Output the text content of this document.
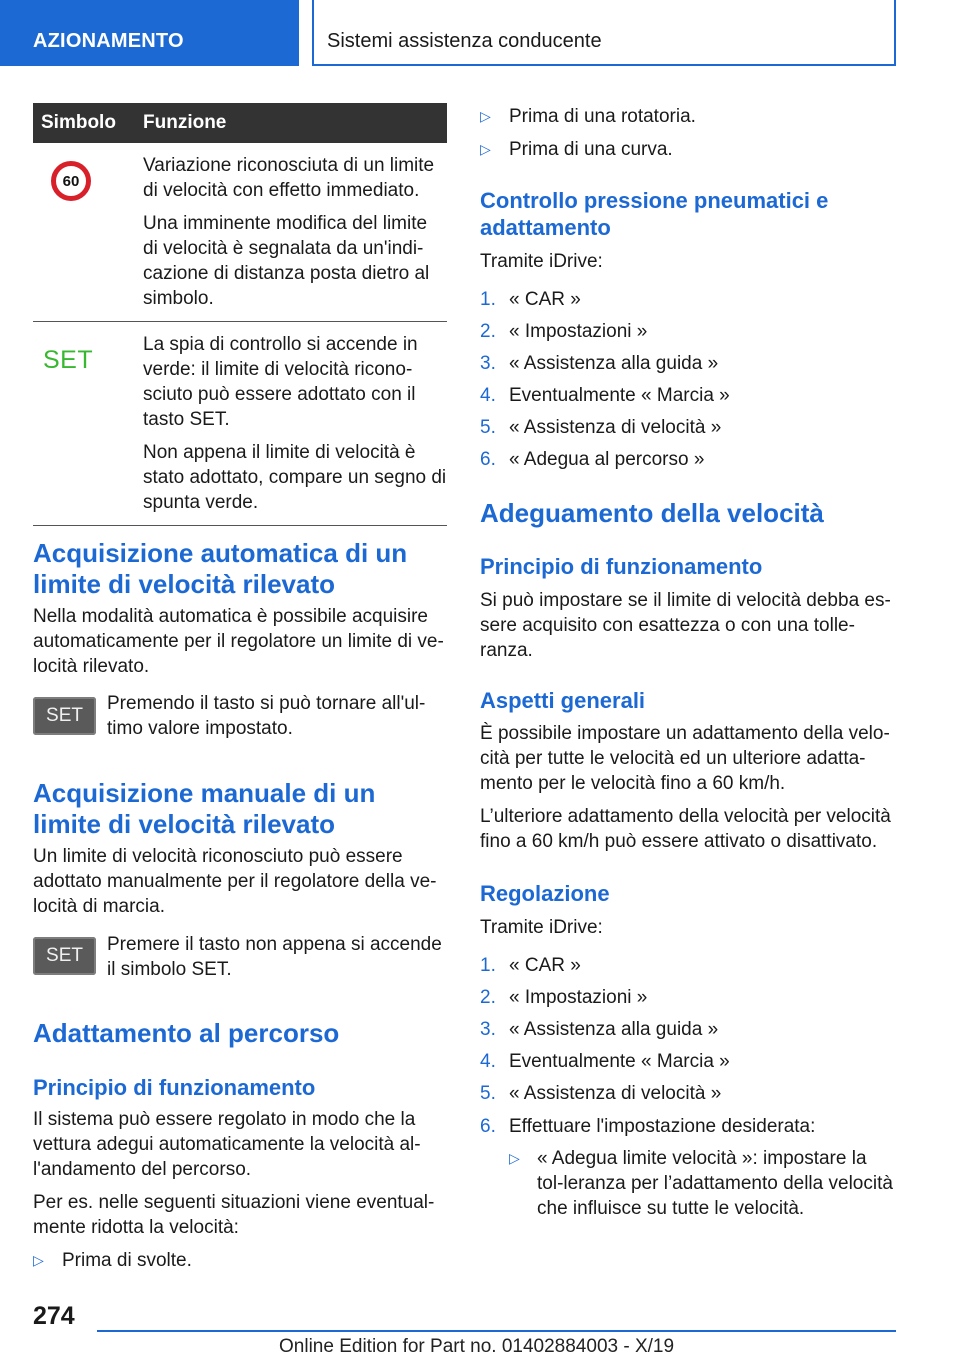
AZIONAMENTO	Sistemi assistenza conducente
Simbolo	Funzione

60	Variazione riconosciuta di un limite di velocità con effetto immediato.
Una imminente modifica del limite di velocità è segnalata da un'indi-cazione di distanza posta dietro al simbolo.

SET	La spia di controllo si accende in verde: il limite di velocità ricono-sciuto può essere adottato con il tasto SET.
Non appena il limite di velocità è stato adottato, compare un segno di spunta verde.
Acquisizione automatica di un limite di velocità rilevato
Nella modalità automatica è possibile acquisire automaticamente per il regolatore un limite di ve-locità rilevato.
SET
Premendo il tasto si può tornare all'ul-timo valore impostato.
Acquisizione manuale di un limite di velocità rilevato
Un limite di velocità riconosciuto può essere adottato manualmente per il regolatore della ve-locità di marcia.
SET
Premere il tasto non appena si accende il simbolo SET.
Adattamento al percorso
Principio di funzionamento
Il sistema può essere regolato in modo che la vettura adegui automaticamente la velocità al-l'andamento del percorso.
Per es. nelle seguenti situazioni viene eventual-mente ridotta la velocità:
▷ Prima di svolte.
▷ Prima di una rotatoria.
▷ Prima di una curva.
Controllo pressione pneumatici e adattamento
Tramite iDrive:
1. « CAR »
2. « Impostazioni »
3. « Assistenza alla guida »
4. Eventualmente « Marcia »
5. « Assistenza di velocità »
6. « Adegua al percorso »
Adeguamento della velocità
Principio di funzionamento
Si può impostare se il limite di velocità debba es-sere acquisito con esattezza o con una tolle-ranza.
Aspetti generali
È possibile impostare un adattamento della velo-cità per tutte le velocità ed un ulteriore adatta-mento per le velocità fino a 60 km/h.
L’ulteriore adattamento della velocità per velocità fino a 60 km/h può essere attivato o disattivato.
Regolazione
Tramite iDrive:
1. « CAR »
2. « Impostazioni »
3. « Assistenza alla guida »
4. Eventualmente « Marcia »
5. « Assistenza di velocità »
6. Effettuare l'impostazione desiderata:
▷ « Adegua limite velocità »: impostare la tol-leranza per l’adattamento della velocità che influisce su tutte le velocità.
274
Online Edition for Part no. 01402884003 - X/19
